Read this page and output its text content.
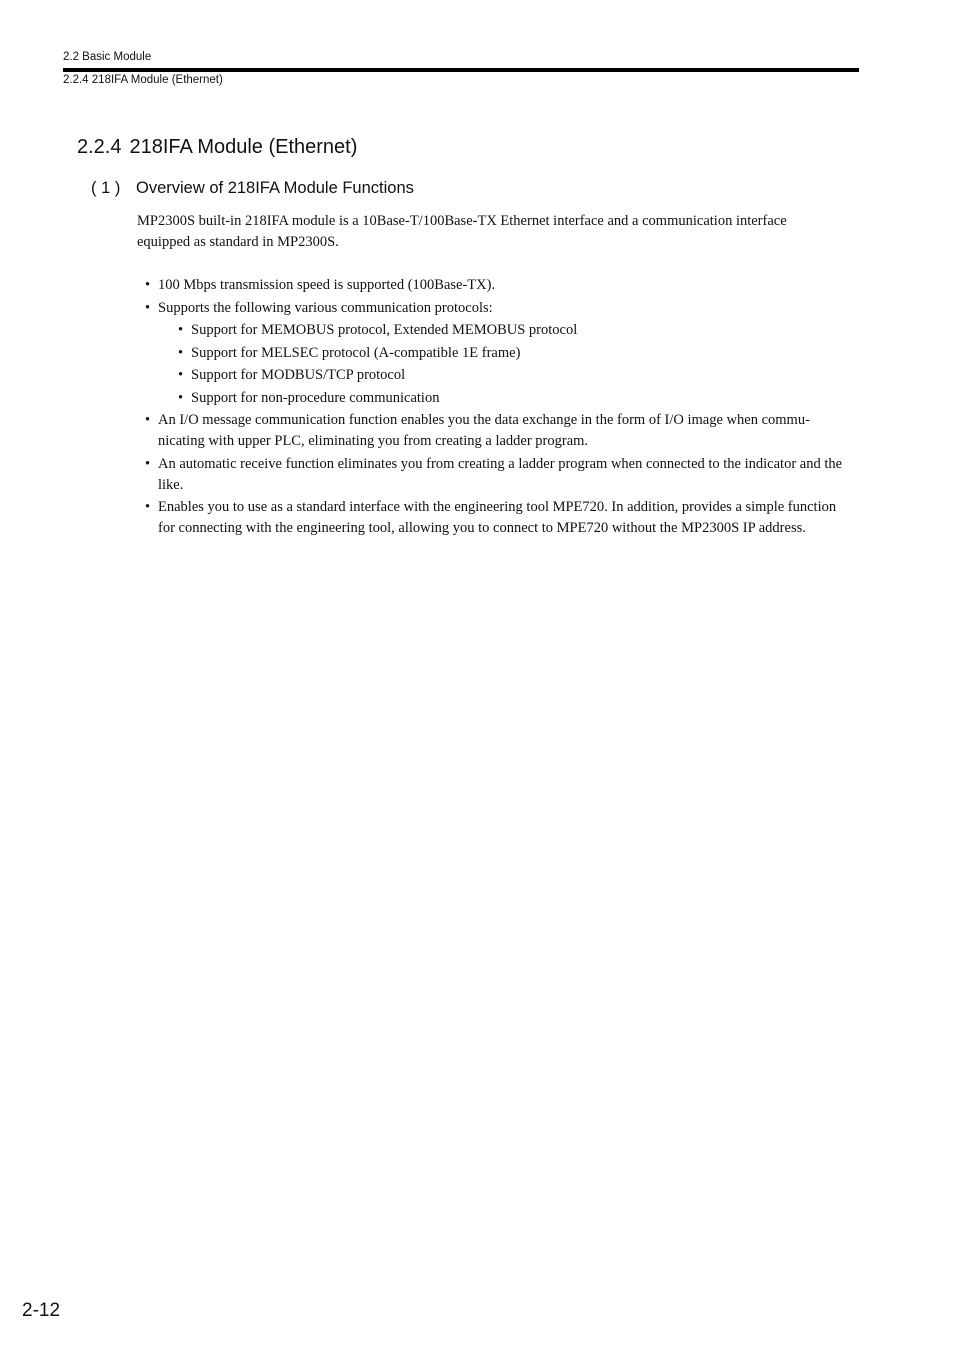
2.2 Basic Module
2.2.4 218IFA Module (Ethernet)
2.2.4 218IFA Module (Ethernet)
( 1 ) Overview of 218IFA Module Functions

MP2300S built-in 218IFA module is a 10Base-T/100Base-TX Ethernet interface and a communication interface equipped as standard in MP2300S.

• 100 Mbps transmission speed is supported (100Base-TX).
• Supports the following various communication protocols:
• Support for MEMOBUS protocol, Extended MEMOBUS protocol
• Support for MELSEC protocol (A-compatible 1E frame)
• Support for MODBUS/TCP protocol
• Support for non-procedure communication
• An I/O message communication function enables you the data exchange in the form of I/O image when commu-nicating with upper PLC, eliminating you from creating a ladder program.
• An automatic receive function eliminates you from creating a ladder program when connected to the indicator and the like.
• Enables you to use as a standard interface with the engineering tool MPE720. In addition, provides a simple function for connecting with the engineering tool, allowing you to connect to MPE720 without the MP2300S IP address.
2-12
